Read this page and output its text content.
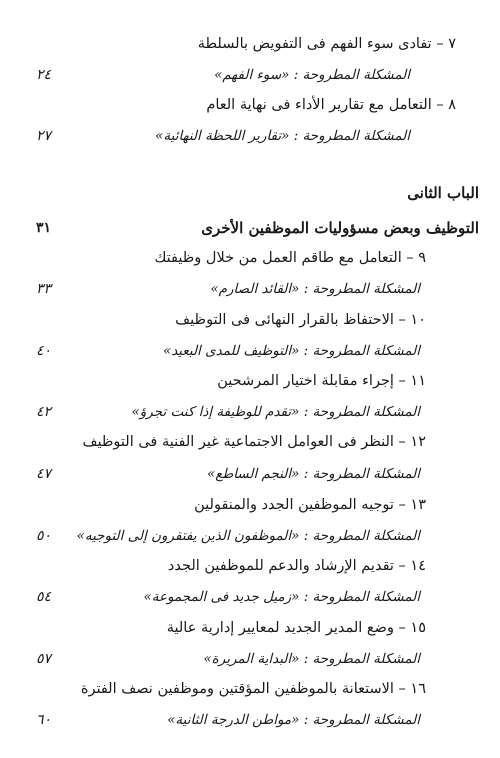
٧ – تفادى سوء الفهم فى التفويض بالسلطة
المشكلة المطروحة : «سوء الفهم»
٢٤
٨ – التعامل مع تقارير الأداء فى نهاية العام
المشكلة المطروحة : «تقارير اللحظة النهائية»
٢٧
الباب الثانى
التوظيف وبعض مسؤوليات الموظفين الأخرى
٣١
٩ – التعامل مع طاقم العمل من خلال وظيفتك
المشكلة المطروحة : «القائد الصارم»
٣٣
١٠ – الاحتفاظ بالقرار النهائى فى التوظيف
المشكلة المطروحة : «التوظيف للمدى البعيد»
٤٠
١١ – إجراء مقابلة اختيار المرشحين
المشكلة المطروحة : «تقدم للوظيفة إذا كنت تجرؤ»
٤٢
١٢ – النظر فى العوامل الاجتماعية غير الفنية فى التوظيف
المشكلة المطروحة : «النجم الساطع»
٤٧
١٣ – توجيه الموظفين الجدد والمنقولين
المشكلة المطروحة : «الموظفون الذين يفتقرون إلى التوجيه»
٥٠
١٤ – تقديم الإرشاد والدعم للموظفين الجدد
المشكلة المطروحة : «زميل جديد فى المجموعة»
٥٤
١٥ – وضع المدير الجديد لمعايير إدارية عالية
المشكلة المطروحة : «البداية المريرة»
٥٧
١٦ – الاستعانة بالموظفين المؤقتين وموظفين نصف الفترة
المشكلة المطروحة : «مواطن الدرجة الثانية»
٦٠
